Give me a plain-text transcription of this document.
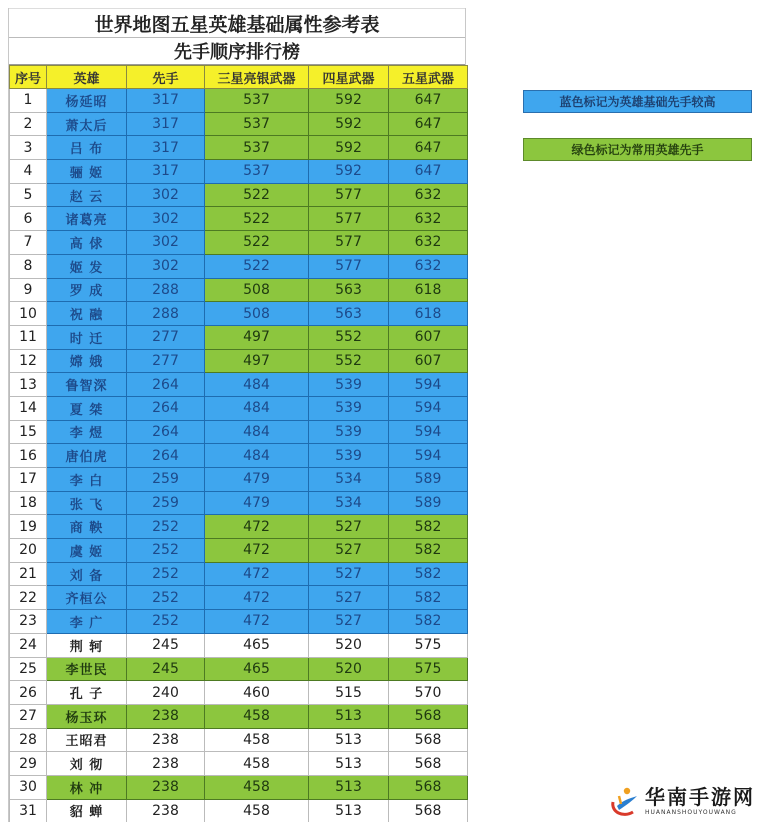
世界地图五星英雄基础属性参考表
先手顺序排行榜
序号	英雄	先手	三星亮银武器	四星武器	五星武器
1	杨延昭	317	537	592	647
2	萧太后	317	537	592	647
3	吕 布	317	537	592	647
4	骊 姬	317	537	592	647
5	赵 云	302	522	577	632
6	诸葛亮	302	522	577	632
7	高 俅	302	522	577	632
8	姬 发	302	522	577	632
9	罗 成	288	508	563	618
10	祝 融	288	508	563	618
11	时 迁	277	497	552	607
12	嫦 娥	277	497	552	607
13	鲁智深	264	484	539	594
14	夏 桀	264	484	539	594
15	李 煜	264	484	539	594
16	唐伯虎	264	484	539	594
17	李 白	259	479	534	589
18	张 飞	259	479	534	589
19	商 鞅	252	472	527	582
20	虞 姬	252	472	527	582
21	刘 备	252	472	527	582
22	齐桓公	252	472	527	582
23	李 广	252	472	527	582
24	荆 轲	245	465	520	575
25	李世民	245	465	520	575
26	孔 子	240	460	515	570
27	杨玉环	238	458	513	568
28	王昭君	238	458	513	568
29	刘 彻	238	458	513	568
30	林 冲	238	458	513	568
31	貂 蝉	238	458	513	568
蓝色标记为英雄基础先手较高
绿色标记为常用英雄先手
华南手游网
HUANANSHOUYOUWANG
